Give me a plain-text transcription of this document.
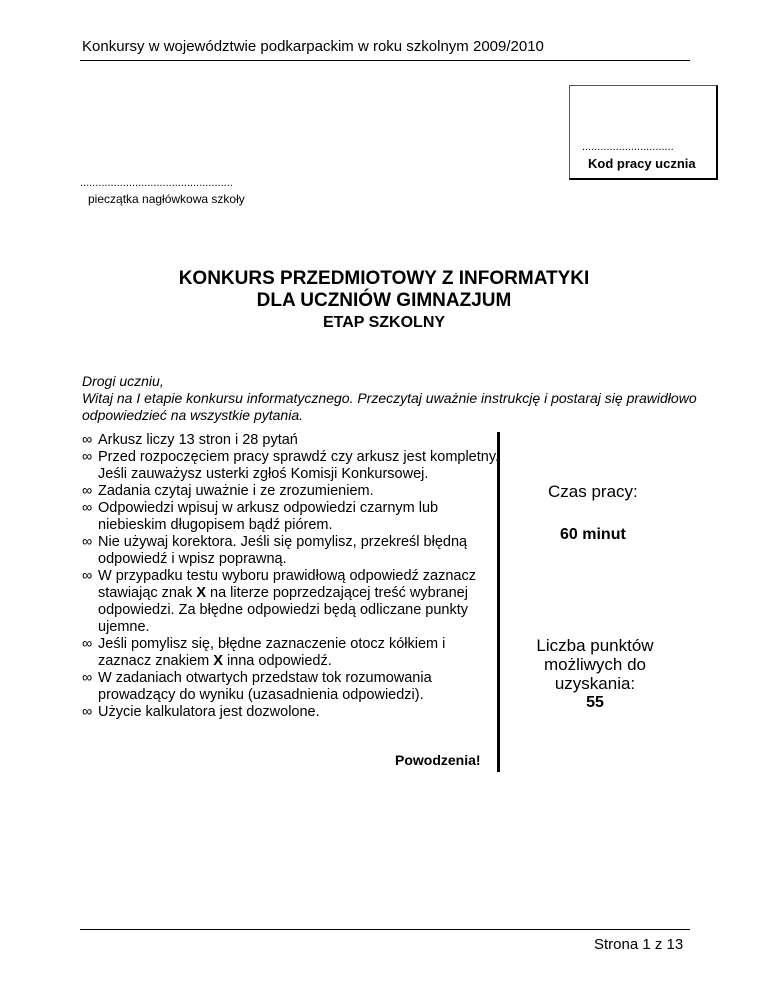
Konkursy w województwie podkarpackim w roku szkolnym 2009/2010
..............................
Kod pracy ucznia
..................................................
pieczątka nagłówkowa szkoły
KONKURS PRZEDMIOTOWY Z INFORMATYKI
DLA UCZNIÓW GIMNAZJUM
ETAP SZKOLNY

Drogi uczniu,

Witaj na I etapie konkursu informatycznego. Przeczytaj uważnie instrukcję i postaraj się prawidłowo odpowiedzieć na wszystkie pytania.

∞ Arkusz liczy 13 stron i 28 pytań
∞ Przed rozpoczęciem pracy sprawdź czy arkusz jest kompletny. Jeśli zauważysz usterki zgłoś Komisji Konkursowej.
∞ Zadania czytaj uważnie i ze zrozumieniem.
∞ Odpowiedzi wpisuj w arkusz odpowiedzi czarnym lub niebieskim długopisem bądź piórem.
∞ Nie używaj korektora. Jeśli się pomylisz, przekreśl błędną odpowiedź i wpisz poprawną.
∞ W przypadku testu wyboru prawidłową odpowiedź zaznacz stawiając znak X na literze poprzedzającej treść wybranej odpowiedzi. Za błędne odpowiedzi będą odliczane punkty ujemne.
∞ Jeśli pomylisz się, błędne zaznaczenie otocz kółkiem i zaznacz znakiem X inna odpowiedź.
∞ W zadaniach otwartych przedstaw tok rozumowania prowadzący do wyniku (uzasadnienia odpowiedzi).
∞ Użycie kalkulatora jest dozwolone.
Powodzenia!
Czas pracy:
60 minut
Liczba punktów
możliwych do
uzyskania:
55
Strona 1 z 13
